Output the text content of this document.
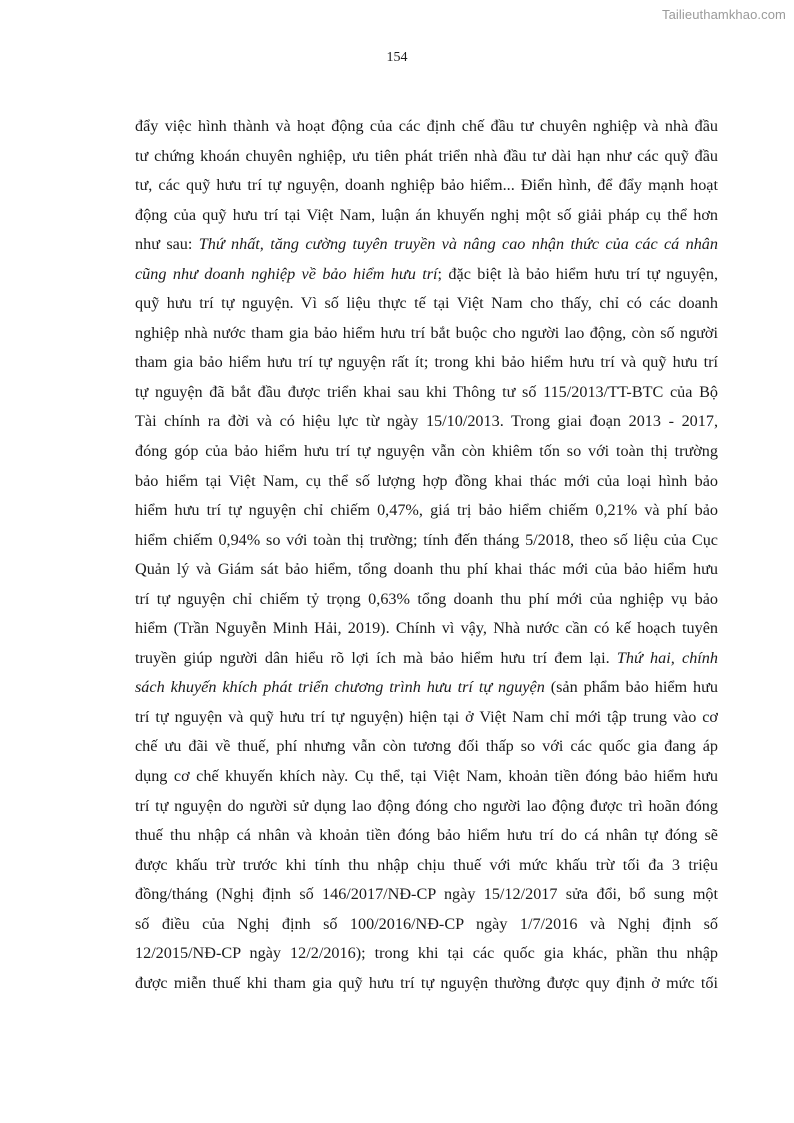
Tailieuthamkhao.com
154
đẩy việc hình thành và hoạt động của các định chế đầu tư chuyên nghiệp và nhà đầu
tư chứng khoán chuyên nghiệp, ưu tiên phát triển nhà đầu tư dài hạn như các quỹ đầu
tư, các quỹ hưu trí tự nguyện, doanh nghiệp bảo hiểm... Điển hình, để đẩy mạnh hoạt
động của quỹ hưu trí tại Việt Nam, luận án khuyến nghị một số giải pháp cụ thể hơn
như sau: Thứ nhất, tăng cường tuyên truyền và nâng cao nhận thức của các cá nhân
cũng như doanh nghiệp về bảo hiểm hưu trí; đặc biệt là bảo hiểm hưu trí tự nguyện,
quỹ hưu trí tự nguyện. Vì số liệu thực tế tại Việt Nam cho thấy, chỉ có các doanh
nghiệp nhà nước tham gia bảo hiểm hưu trí bắt buộc cho người lao động, còn số người
tham gia bảo hiểm hưu trí tự nguyện rất ít; trong khi bảo hiểm hưu trí và quỹ hưu trí
tự nguyện đã bắt đầu được triển khai sau khi Thông tư số 115/2013/TT-BTC của Bộ
Tài chính ra đời và có hiệu lực từ ngày 15/10/2013. Trong giai đoạn 2013 - 2017,
đóng góp của bảo hiểm hưu trí tự nguyện vẫn còn khiêm tốn so với toàn thị trường
bảo hiểm tại Việt Nam, cụ thể số lượng hợp đồng khai thác mới của loại hình bảo
hiểm hưu trí tự nguyện chỉ chiếm 0,47%, giá trị bảo hiểm chiếm 0,21% và phí bảo
hiểm chiếm 0,94% so với toàn thị trường; tính đến tháng 5/2018, theo số liệu của Cục
Quản lý và Giám sát bảo hiểm, tổng doanh thu phí khai thác mới của bảo hiểm hưu
trí tự nguyện chỉ chiếm tỷ trọng 0,63% tổng doanh thu phí mới của nghiệp vụ bảo
hiểm (Trần Nguyễn Minh Hải, 2019). Chính vì vậy, Nhà nước cần có kế hoạch tuyên
truyền giúp người dân hiểu rõ lợi ích mà bảo hiểm hưu trí đem lại. Thứ hai, chính
sách khuyến khích phát triển chương trình hưu trí tự nguyện (sản phẩm bảo hiểm hưu
trí tự nguyện và quỹ hưu trí tự nguyện) hiện tại ở Việt Nam chỉ mới tập trung vào cơ
chế ưu đãi về thuế, phí nhưng vẫn còn tương đối thấp so với các quốc gia đang áp
dụng cơ chế khuyến khích này. Cụ thể, tại Việt Nam, khoản tiền đóng bảo hiểm hưu
trí tự nguyện do người sử dụng lao động đóng cho người lao động được trì hoãn đóng
thuế thu nhập cá nhân và khoản tiền đóng bảo hiểm hưu trí do cá nhân tự đóng sẽ
được khấu trừ trước khi tính thu nhập chịu thuế với mức khấu trừ tối đa 3 triệu
đồng/tháng (Nghị định số 146/2017/NĐ-CP ngày 15/12/2017 sửa đổi, bổ sung một
số điều của Nghị định số 100/2016/NĐ-CP ngày 1/7/2016 và Nghị định số
12/2015/NĐ-CP ngày 12/2/2016); trong khi tại các quốc gia khác, phần thu nhập
được miễn thuế khi tham gia quỹ hưu trí tự nguyện thường được quy định ở mức tối
